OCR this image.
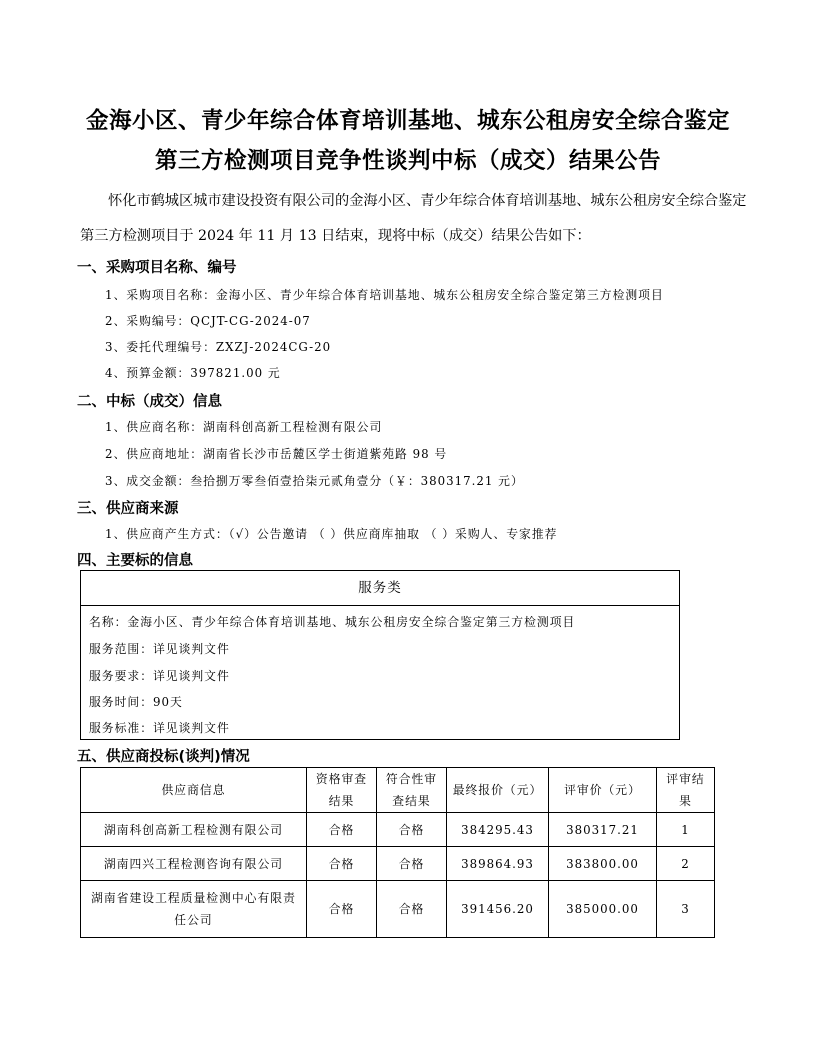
金海小区、青少年综合体育培训基地、城东公租房安全综合鉴定
第三方检测项目竞争性谈判中标（成交）结果公告
怀化市鹤城区城市建设投资有限公司的金海小区、青少年综合体育培训基地、城东公租房安全综合鉴定第三方检测项目于 2024 年 11 月 13 日结束，现将中标（成交）结果公告如下：
一、采购项目名称、编号
1、采购项目名称：金海小区、青少年综合体育培训基地、城东公租房安全综合鉴定第三方检测项目
2、采购编号：QCJT-CG-2024-07
3、委托代理编号：ZXZJ-2024CG-20
4、预算金额：397821.00 元
二、中标（成交）信息
1、供应商名称：湖南科创高新工程检测有限公司
2、供应商地址：湖南省长沙市岳麓区学士街道紫苑路 98 号
3、成交金额：叁拾捌万零叁佰壹拾柒元贰角壹分（￥：380317.21 元）
三、供应商来源
1、供应商产生方式：（√）公告邀请 （ ）供应商库抽取 （ ）采购人、专家推荐
四、主要标的信息
服务类
名称：金海小区、青少年综合体育培训基地、城东公租房安全综合鉴定第三方检测项目
服务范围：详见谈判文件
服务要求：详见谈判文件
服务时间：90天
服务标准：详见谈判文件
五、供应商投标(谈判)情况
供应商信息	资格审查结果	符合性审查结果	最终报价（元）	评审价（元）	评审结果
湖南科创高新工程检测有限公司	合格	合格	384295.43	380317.21	1
湖南四兴工程检测咨询有限公司	合格	合格	389864.93	383800.00	2
湖南省建设工程质量检测中心有限责任公司	合格	合格	391456.20	385000.00	3
